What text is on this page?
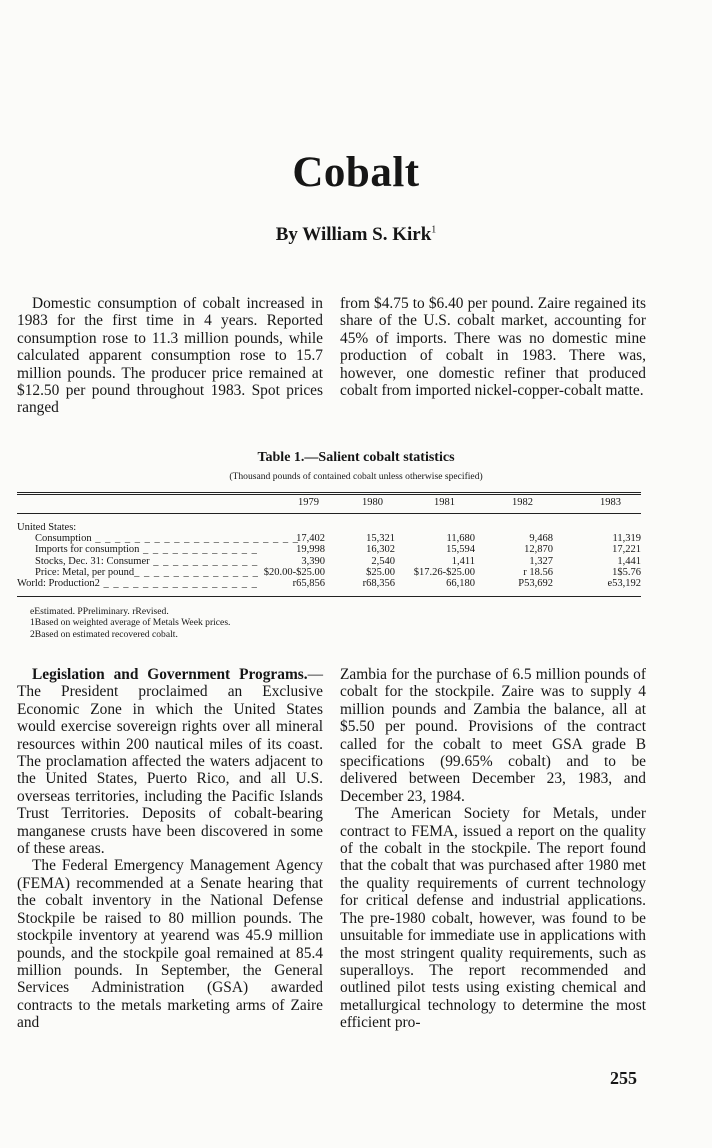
Cobalt
By William S. Kirk$^1$

Domestic consumption of cobalt increased in 1983 for the first time in 4 years. Reported consumption rose to 11.3 million pounds, while calculated apparent consumption rose to 15.7 million pounds. The producer price remained at $12.50 per pound throughout 1983. Spot prices ranged

from $4.75 to $6.40 per pound. Zaire regained its share of the U.S. cobalt market, accounting for 45% of imports. There was no domestic mine production of cobalt in 1983. There was, however, one domestic refiner that produced cobalt from imported nickel-copper-cobalt matte.

Table 1.—Salient cobalt statistics
(Thousand pounds of contained cobalt unless otherwise specified)
	1979	1980	1981	1982	1983

United States:					
Consumption _ _ _ _ _ _ _ _ _ _ _ _ _ _ _ _ _ _ _ _ _	17,402	15,321	11,680	9,468	11,319
Imports for consumption _ _ _ _ _ _ _ _ _ _ _ _	19,998	16,302	15,594	12,870	17,221
Stocks, Dec. 31: Consumer _ _ _ _ _ _ _ _ _ _ _	3,390	2,540	1,411	1,327	1,441
Price: Metal, per pound_ _ _ _ _ _ _ _ _ _ _ _ _	$20.00-$25.00	$25.00	$17.26-$25.00	r 18.56	1$5.76
World: Production2 _ _ _ _ _ _ _ _ _ _ _ _ _ _ _ _	r65,856	r68,356	66,180	P53,692	e53,192
eEstimated. PPreliminary. rRevised.
1Based on weighted average of Metals Week prices.
2Based on estimated recovered cobalt.

Legislation and Government Programs.—The President proclaimed an Exclusive Economic Zone in which the United States would exercise sovereign rights over all mineral resources within 200 nautical miles of its coast. The proclamation affected the waters adjacent to the United States, Puerto Rico, and all U.S. overseas territories, including the Pacific Islands Trust Territories. Deposits of cobalt-bearing manganese crusts have been discovered in some of these areas.

The Federal Emergency Management Agency (FEMA) recommended at a Senate hearing that the cobalt inventory in the National Defense Stockpile be raised to 80 million pounds. The stockpile inventory at yearend was 45.9 million pounds, and the stockpile goal remained at 85.4 million pounds. In September, the General Services Administration (GSA) awarded contracts to the metals marketing arms of Zaire and

Zambia for the purchase of 6.5 million pounds of cobalt for the stockpile. Zaire was to supply 4 million pounds and Zambia the balance, all at $5.50 per pound. Provisions of the contract called for the cobalt to meet GSA grade B specifications (99.65% cobalt) and to be delivered between December 23, 1983, and December 23, 1984.

The American Society for Metals, under contract to FEMA, issued a report on the quality of the cobalt in the stockpile. The report found that the cobalt that was purchased after 1980 met the quality requirements of current technology for critical defense and industrial applications. The pre-1980 cobalt, however, was found to be unsuitable for immediate use in applications with the most stringent quality requirements, such as superalloys. The report recommended and outlined pilot tests using existing chemical and metallurgical technology to determine the most efficient pro-

255
